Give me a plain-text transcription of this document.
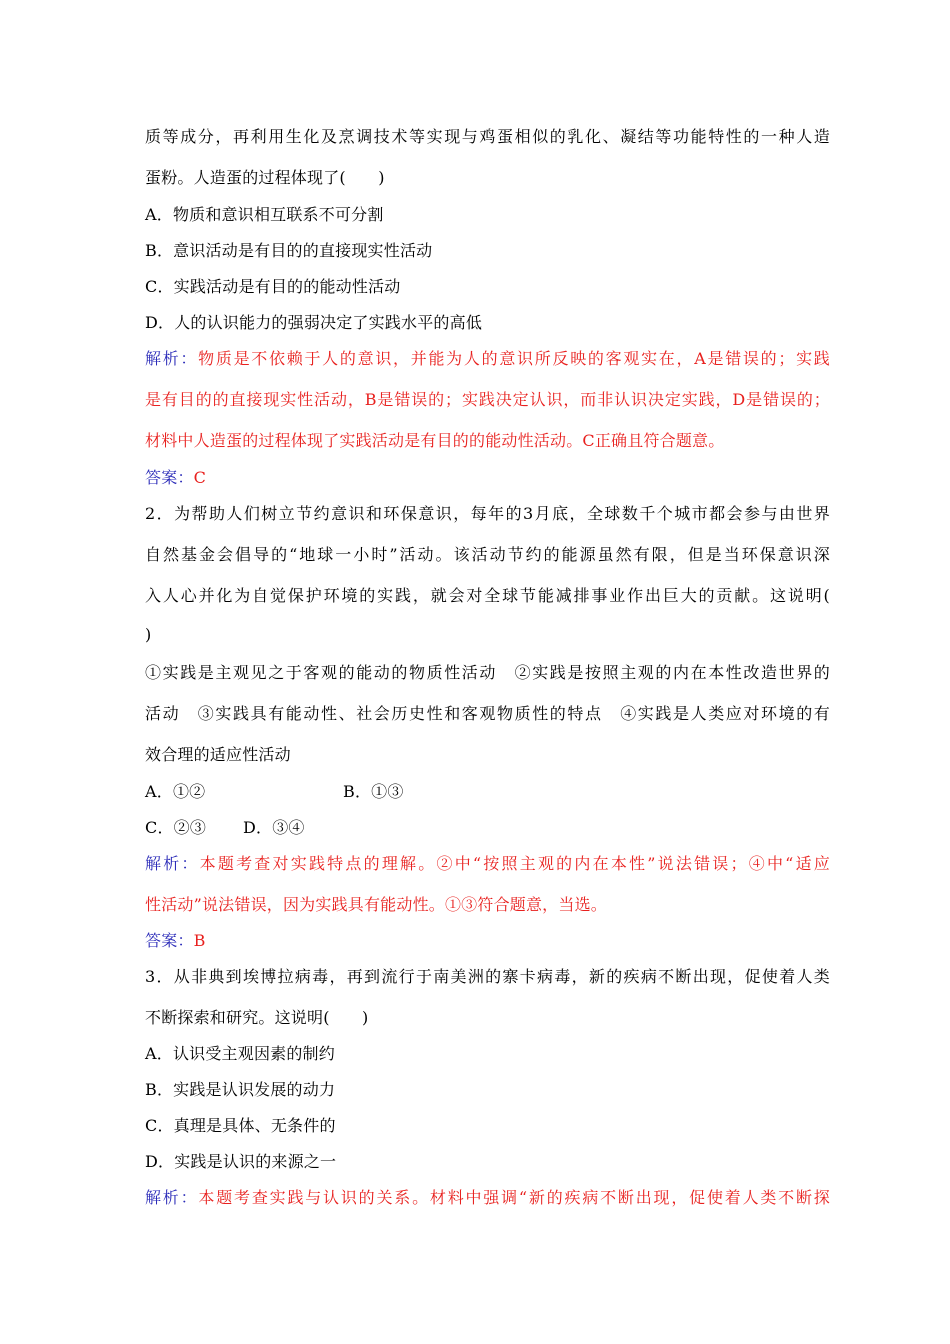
质等成分，再利用生化及烹调技术等实现与鸡蛋相似的乳化、凝结等功能特性的一种人造
蛋粉。人造蛋的过程体现了(　　)
A．物质和意识相互联系不可分割
B．意识活动是有目的的直接现实性活动
C．实践活动是有目的的能动性活动
D．人的认识能力的强弱决定了实践水平的高低
解析：物质是不依赖于人的意识，并能为人的意识所反映的客观实在，A是错误的；实践
是有目的的直接现实性活动，B是错误的；实践决定认识，而非认识决定实践，D是错误的；
材料中人造蛋的过程体现了实践活动是有目的的能动性活动。C正确且符合题意。
答案：C
2．为帮助人们树立节约意识和环保意识，每年的3月底，全球数千个城市都会参与由世界
自然基金会倡导的“地球一小时”活动。该活动节约的能源虽然有限，但是当环保意识深
入人心并化为自觉保护环境的实践，就会对全球节能减排事业作出巨大的贡献。这说明(
)
①实践是主观见之于客观的能动的物质性活动　②实践是按照主观的内在本性改造世界的
活动　③实践具有能动性、社会历史性和客观物质性的特点　④实践是人类应对环境的有
效合理的适应性活动
A．①②	B．①③
C．②③ D．③④
解析：本题考查对实践特点的理解。②中“按照主观的内在本性”说法错误；④中“适应
性活动”说法错误，因为实践具有能动性。①③符合题意，当选。
答案：B
3．从非典到埃博拉病毒，再到流行于南美洲的寨卡病毒，新的疾病不断出现，促使着人类
不断探索和研究。这说明(　　)
A．认识受主观因素的制约
B．实践是认识发展的动力
C．真理是具体、无条件的
D．实践是认识的来源之一
解析：本题考查实践与认识的关系。材料中强调“新的疾病不断出现，促使着人类不断探
